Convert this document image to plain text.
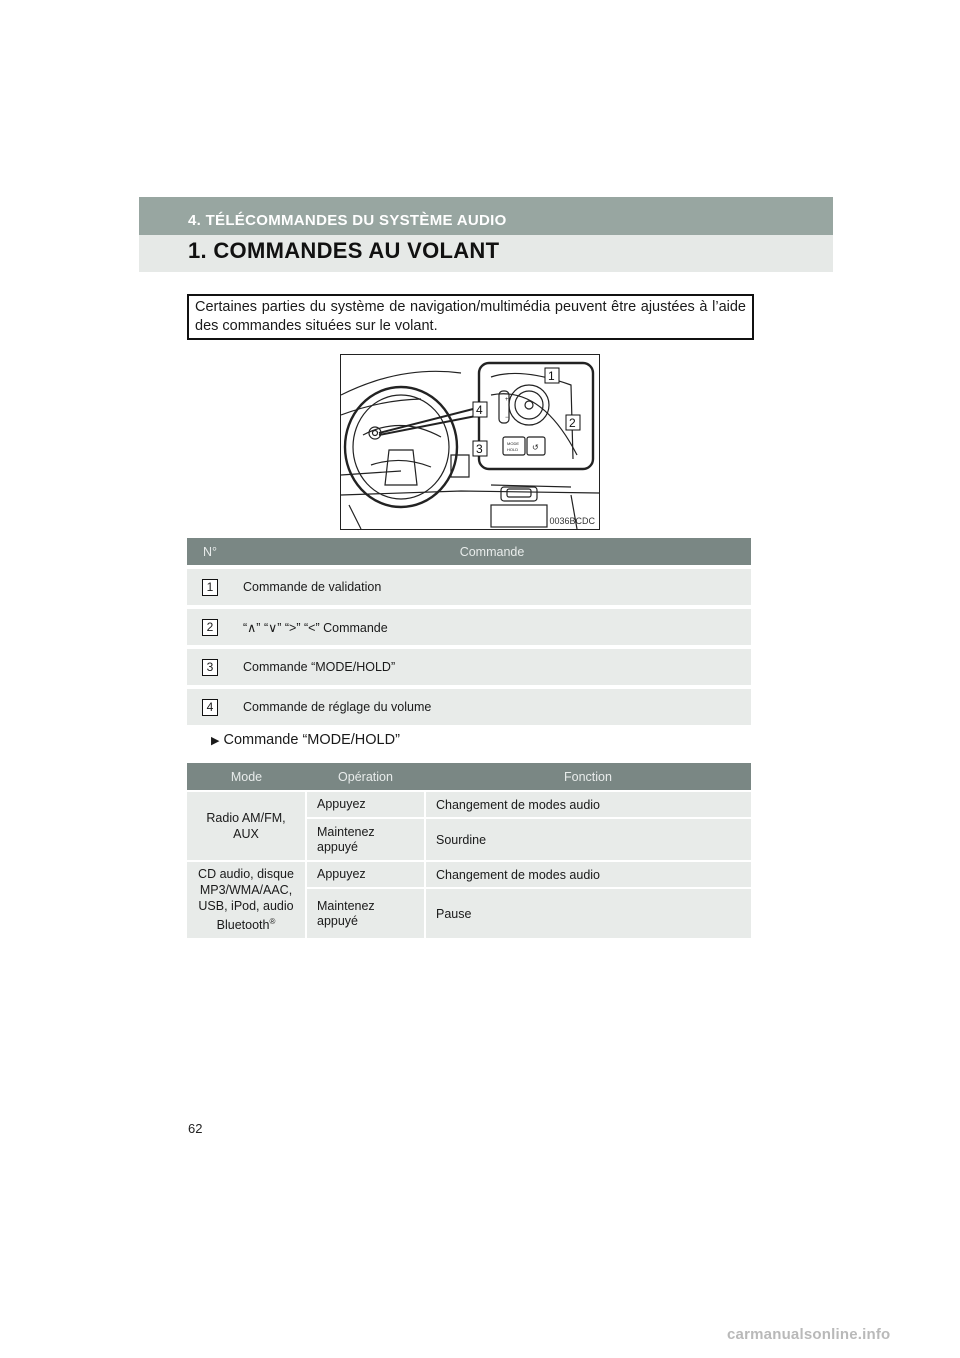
4. TÉLÉCOMMANDES DU SYSTÈME AUDIO
1. COMMANDES AU VOLANT
Certaines parties du système de navigation/multimédia peuvent être ajustées à l’aide des commandes situées sur le volant.
MODE
HOLD ↺
+
−
1
2
3
4
0036BCDC
N°	Commande
1	Commande de validation
2	“∧” “∨” “>” “<” Commande
3	Commande “MODE/HOLD”
4	Commande de réglage du volume
▶ Commande “MODE/HOLD”
Mode	Opération	Fonction

Radio AM/FM, AUX	Appuyez	Changement de modes audio

	Maintenez appuyé	Sourdine

CD audio, disque MP3/WMA/AAC, USB, iPod, audio Bluetooth®	Appuyez	Changement de modes audio

	Maintenez appuyé	Pause
62
carmanualsonline.info
